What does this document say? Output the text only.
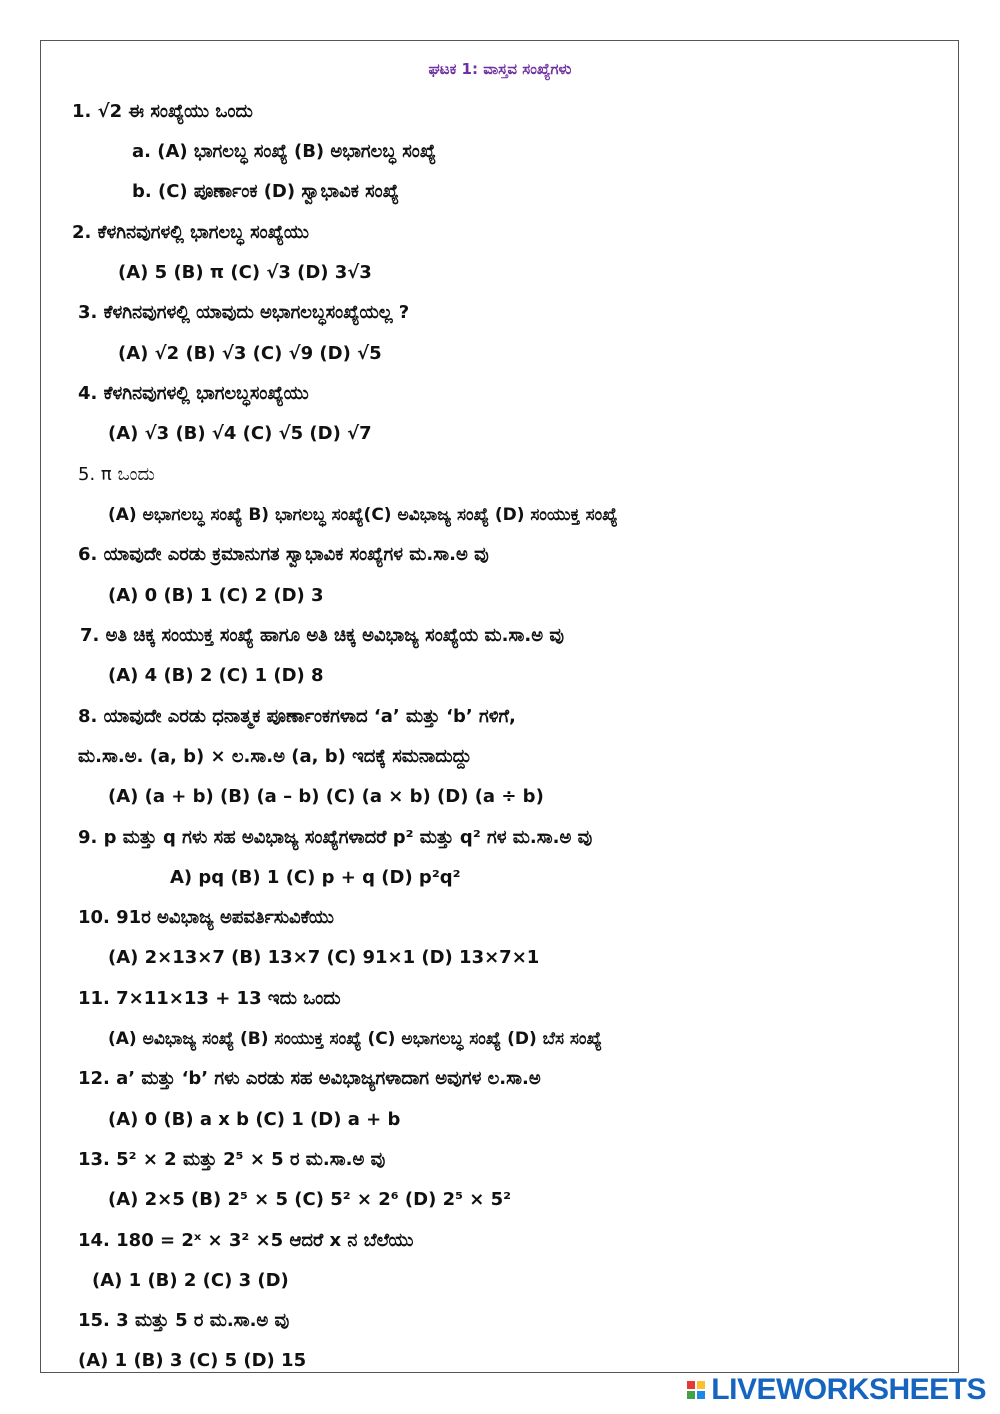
ಘಟಕ 1: ವಾಸ್ತವ ಸಂಖ್ಯೆಗಳು
1. √2 ಈ ಸಂಖ್ಯೆಯು ಒಂದು
a. (A) ಭಾಗಲಬ್ಧ ಸಂಖ್ಯೆ (B) ಅಭಾಗಲಬ್ಧ ಸಂಖ್ಯೆ
b. (C) ಪೂರ್ಣಾಂಕ (D) ಸ್ವಾಭಾವಿಕ ಸಂಖ್ಯೆ
2. ಕೆಳಗಿನವುಗಳಲ್ಲಿ ಭಾಗಲಬ್ಧ ಸಂಖ್ಯೆಯು
(A) 5 (B) π (C) √3 (D) 3√3
3. ಕೆಳಗಿನವುಗಳಲ್ಲಿ ಯಾವುದು ಅಭಾಗಲಬ್ಧಸಂಖ್ಯೆಯಲ್ಲ ?
(A) √2 (B) √3 (C) √9 (D) √5
4. ಕೆಳಗಿನವುಗಳಲ್ಲಿ ಭಾಗಲಬ್ಧಸಂಖ್ಯೆಯು
(A) √3 (B) √4 (C) √5 (D) √7
5. π ಒಂದು
(A) ಅಭಾಗಲಬ್ಧ ಸಂಖ್ಯೆ B) ಭಾಗಲಬ್ಧ ಸಂಖ್ಯೆ(C) ಅವಿಭಾಜ್ಯ ಸಂಖ್ಯೆ (D) ಸಂಯುಕ್ತ ಸಂಖ್ಯೆ
6. ಯಾವುದೇ ಎರಡು ಕ್ರಮಾನುಗತ ಸ್ವಾಭಾವಿಕ ಸಂಖ್ಯೆಗಳ ಮ.ಸಾ.ಅ ವು
(A) 0 (B) 1 (C) 2 (D) 3
7. ಅತಿ ಚಿಕ್ಕ ಸಂಯುಕ್ತ ಸಂಖ್ಯೆ ಹಾಗೂ ಅತಿ ಚಿಕ್ಕ ಅವಿಭಾಜ್ಯ ಸಂಖ್ಯೆಯ ಮ.ಸಾ.ಅ ವು
(A) 4 (B) 2 (C) 1 (D) 8
8. ಯಾವುದೇ ಎರಡು ಧನಾತ್ಮಕ ಪೂರ್ಣಾಂಕಗಳಾದ ‘a’ ಮತ್ತು ‘b’ ಗಳಿಗೆ,
ಮ.ಸಾ.ಅ. (a, b) × ಲ.ಸಾ.ಅ (a, b) ಇದಕ್ಕೆ ಸಮನಾದುದ್ದು
(A) (a + b) (B) (a – b) (C) (a × b) (D) (a ÷ b)
9. p ಮತ್ತು q ಗಳು ಸಹ ಅವಿಭಾಜ್ಯ ಸಂಖ್ಯೆಗಳಾದರೆ p² ಮತ್ತು q² ಗಳ ಮ.ಸಾ.ಅ ವು
A) pq (B) 1 (C) p + q (D) p²q²
10. 91ರ ಅವಿಭಾಜ್ಯ ಅಪವರ್ತಿಸುವಿಕೆಯು
(A) 2×13×7 (B) 13×7 (C) 91×1 (D) 13×7×1
11. 7×11×13 + 13 ಇದು ಒಂದು
(A) ಅವಿಭಾಜ್ಯ ಸಂಖ್ಯೆ (B) ಸಂಯುಕ್ತ ಸಂಖ್ಯೆ (C) ಅಭಾಗಲಬ್ಧ ಸಂಖ್ಯೆ (D) ಬೆಸ ಸಂಖ್ಯೆ
12. a’ ಮತ್ತು ‘b’ ಗಳು ಎರಡು ಸಹ ಅವಿಭಾಜ್ಯಗಳಾದಾಗ ಅವುಗಳ ಲ.ಸಾ.ಅ
(A) 0 (B) a x b (C) 1 (D) a + b
13. 5² × 2 ಮತ್ತು 2⁵ × 5 ರ ಮ.ಸಾ.ಅ ವು
(A) 2×5 (B) 2⁵ × 5 (C) 5² × 2⁶ (D) 2⁵ × 5²
14. 180 = 2ˣ × 3² ×5 ಆದರೆ x ನ ಬೆಲೆಯು
(A) 1 (B) 2 (C) 3 (D)
15. 3 ಮತ್ತು 5 ರ ಮ.ಸಾ.ಅ ವು
(A) 1 (B) 3 (C) 5 (D) 15
LIVEWORKSHEETS
